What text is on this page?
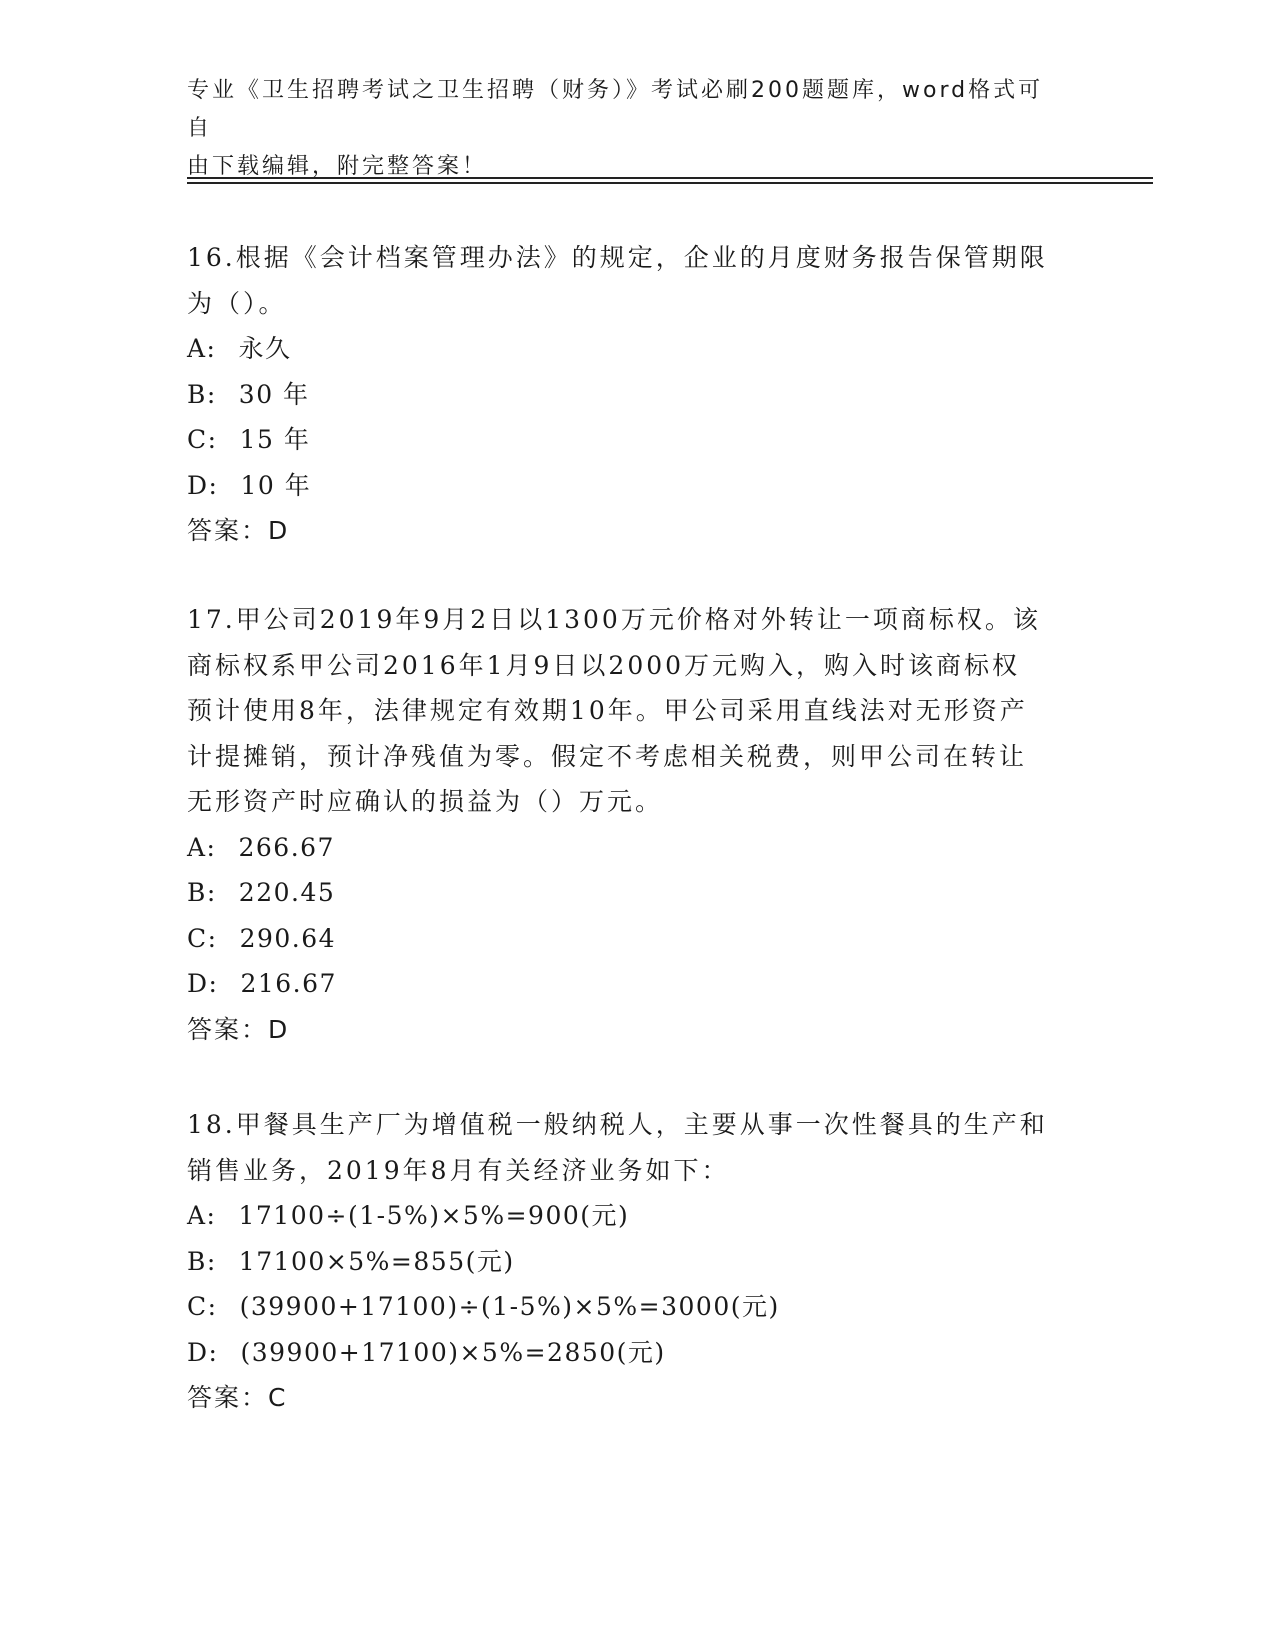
专业《卫生招聘考试之卫生招聘（财务）》考试必刷200题题库，word格式可自
由下载编辑，附完整答案！
16.根据《会计档案管理办法》的规定，企业的月度财务报告保管期限
为（）。
A: 永久
B: 30 年
C: 15 年
D: 10 年
答案：D
17.甲公司2019年9月2日以1300万元价格对外转让一项商标权。该
商标权系甲公司2016年1月9日以2000万元购入，购入时该商标权
预计使用8年，法律规定有效期10年。甲公司采用直线法对无形资产
计提摊销，预计净残值为零。假定不考虑相关税费，则甲公司在转让
无形资产时应确认的损益为（）万元。
A: 266.67
B: 220.45
C: 290.64
D: 216.67
答案：D
18.甲餐具生产厂为增值税一般纳税人，主要从事一次性餐具的生产和
销售业务，2019年8月有关经济业务如下：
A: 17100÷(1-5%)×5%=900(元)
B: 17100×5%=855(元)
C: (39900+17100)÷(1-5%)×5%=3000(元)
D: (39900+17100)×5%=2850(元)
答案：C
